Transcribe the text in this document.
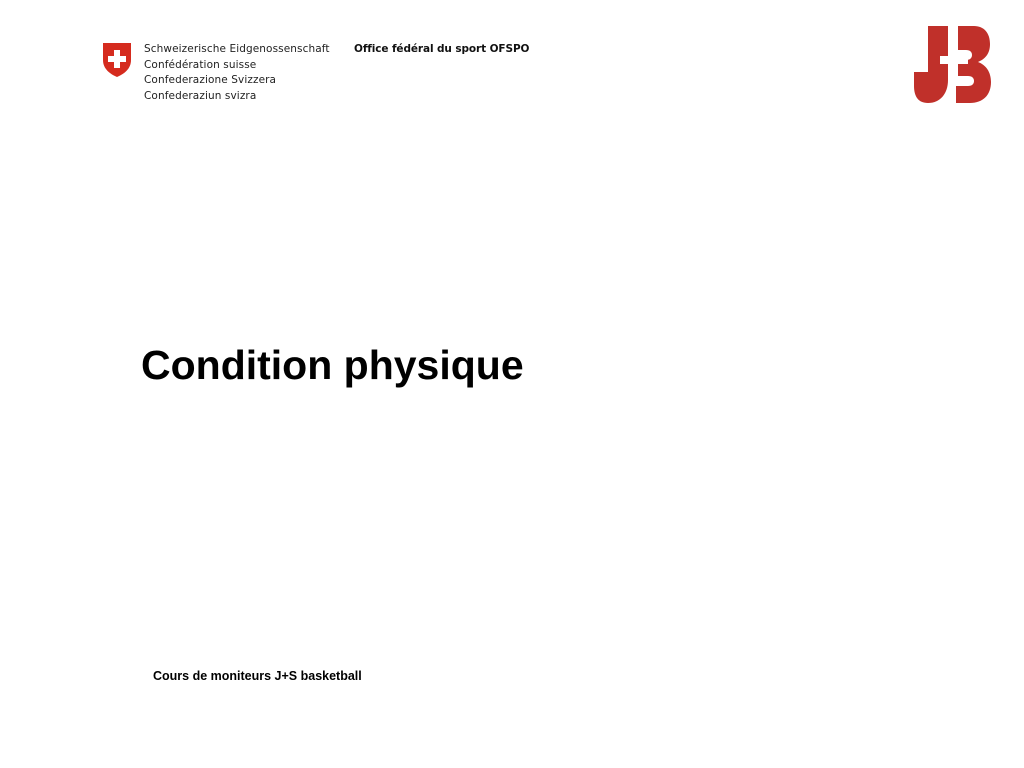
Schweizerische Eidgenossenschaft
Confédération suisse
Confederazione Svizzera
Confederaziun svizra
Office fédéral du sport OFSPO
Condition physique
Cours de moniteurs J+S basketball
